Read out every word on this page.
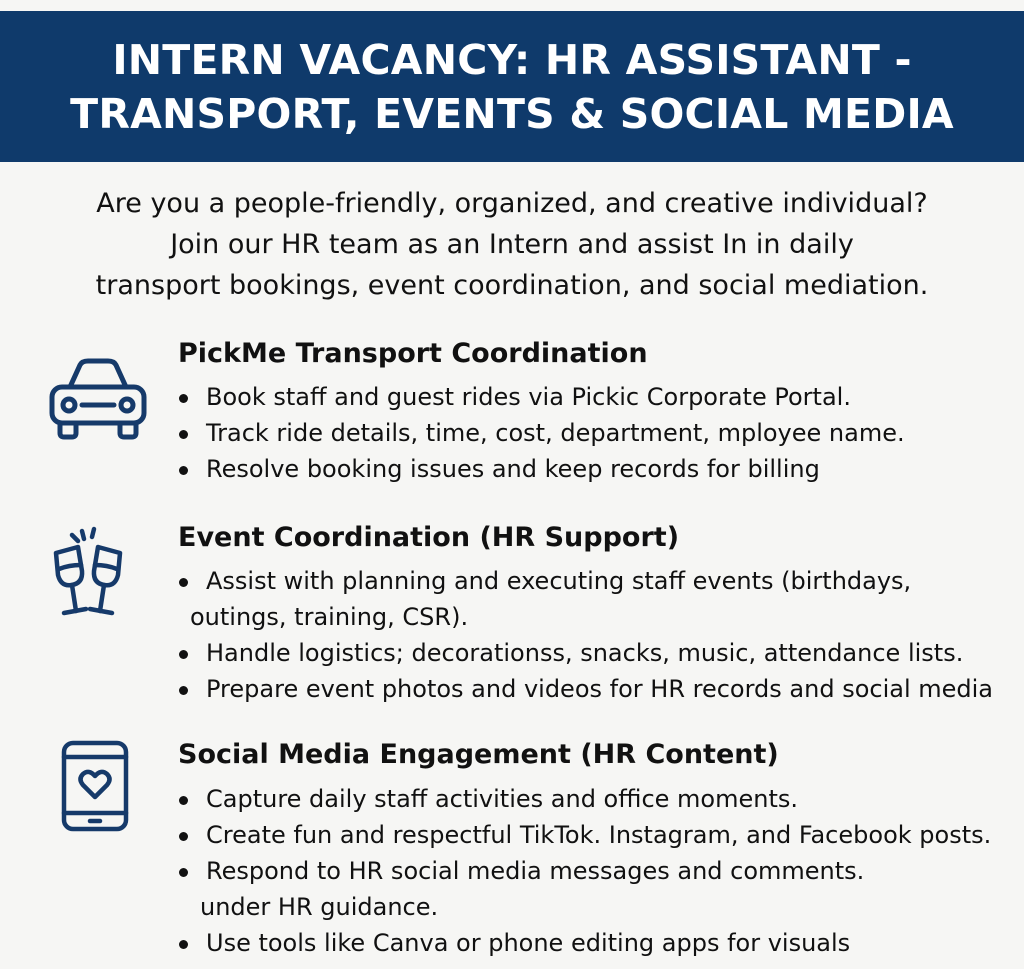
INTERN VACANCY: HR ASSISTANT -
TRANSPORT, EVENTS & SOCIAL MEDIA
Are you a people-friendly, organized, and creative individual?
Join our HR team as an Intern and assist In in daily
transport bookings, event coordination, and social mediation.
PickMe Transport Coordination
Book staff and guest rides via Pickic Corporate Portal.
Track ride details, time, cost, department, mployee name.
Resolve booking issues and keep records for billing
Event Coordination (HR Support)
Assist with planning and executing staff events (birthdays,
outings, training, CSR).
Handle logistics; decorationss, snacks, music, attendance lists.
Prepare event photos and videos for HR records and social media
Social Media Engagement (HR Content)
Capture daily staff activities and office moments.
Create fun and respectful TikTok. Instagram, and Facebook posts.
Respond to HR social media messages and comments.
under HR guidance.
Use tools like Canva or phone editing apps for visuals
